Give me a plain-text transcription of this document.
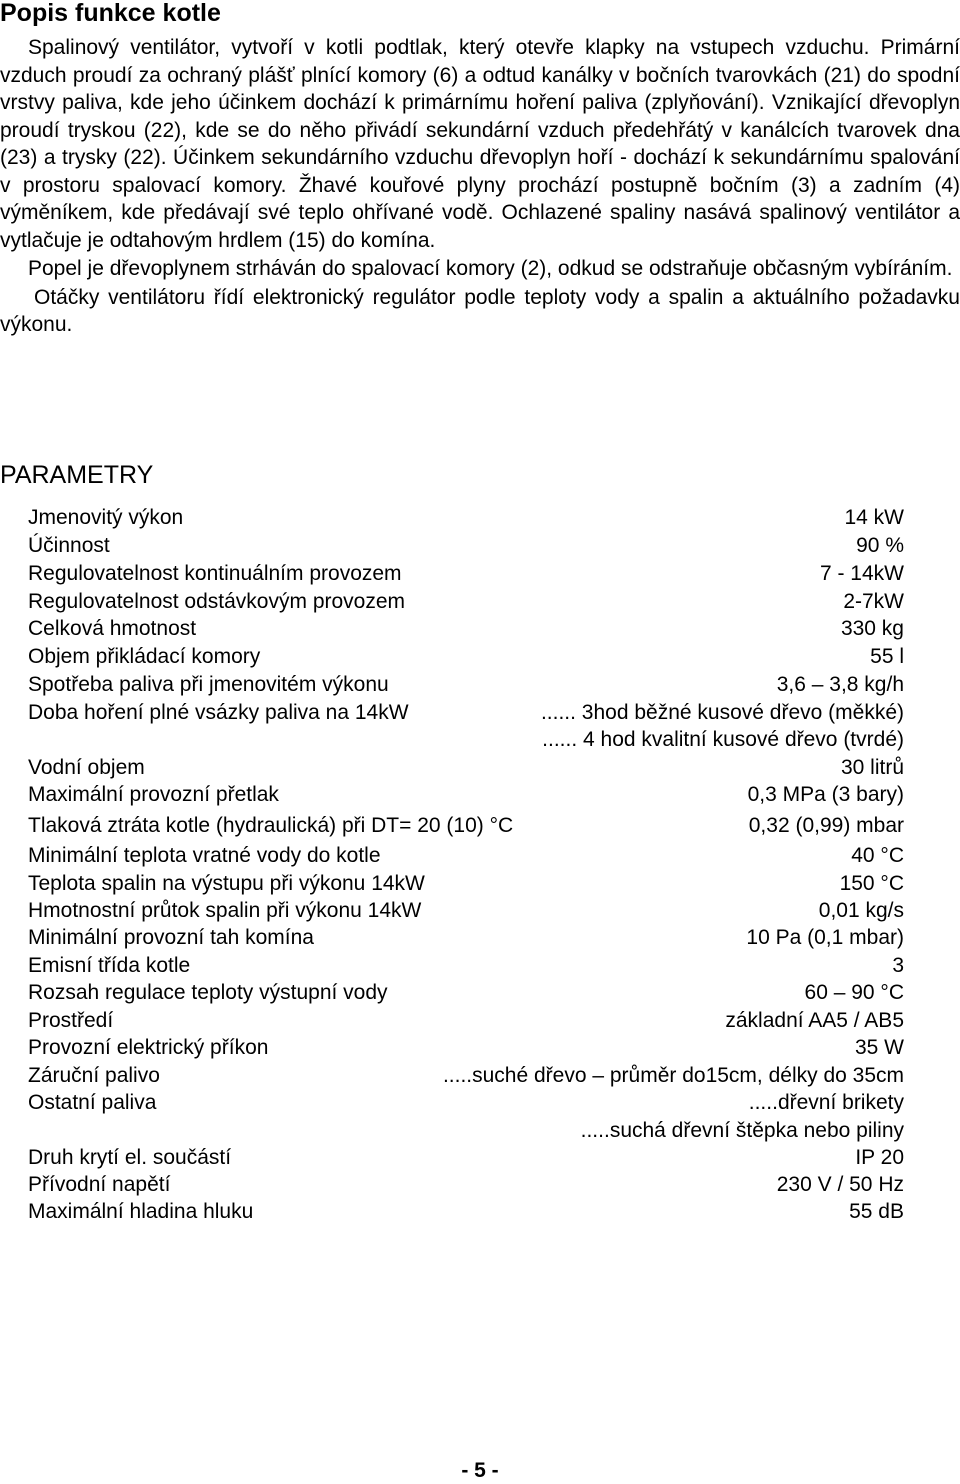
Popis funkce kotle

Spalinový ventilátor, vytvoří v kotli podtlak, který otevře klapky na vstupech vzduchu. Primární vzduch proudí za ochraný plášť plnící komory (6) a odtud kanálky v bočních tvarovkách (21) do spodní vrstvy paliva, kde jeho účinkem dochází k primárnímu hoření paliva (zplyňování). Vznikající dřevoplyn proudí tryskou (22), kde se do něho přivádí sekundární vzduch předehřátý v kanálcích tvarovek dna (23) a trysky (22). Účinkem sekundárního vzduchu dřevoplyn hoří - dochází k sekundárnímu spalování v prostoru spalovací komory. Žhavé kouřové plyny prochází postupně bočním (3) a zadním (4) výměníkem, kde předávají své teplo ohřívané vodě. Ochlazené spaliny nasává spalinový ventilátor a vytlačuje je odtahovým hrdlem (15) do komína.

Popel je dřevoplynem strháván do spalovací komory (2), odkud se odstraňuje občasným vybíráním.

Otáčky ventilátoru řídí elektronický regulátor podle teploty vody a spalin a aktuálního požadavku výkonu.

PARAMETRY
Jmenovitý výkon	14 kW
Účinnost	90 %
Regulovatelnost kontinuálním provozem	7 - 14kW
Regulovatelnost odstávkovým provozem	2-7kW
Celková hmotnost	330 kg
Objem přikládací komory	55 l
Spotřeba paliva při jmenovitém výkonu	3,6 – 3,8 kg/h
Doba hoření plné vsázky paliva na 14kW	...... 3hod běžné kusové dřevo (měkké)
...... 4 hod kvalitní kusové dřevo (tvrdé)
Vodní objem	30 litrů
Maximální provozní přetlak	0,3 MPa (3 bary)
Tlaková ztráta kotle (hydraulická) při DT= 20 (10) °C	0,32 (0,99) mbar
Minimální teplota vratné vody do kotle	40 °C
Teplota spalin na výstupu při výkonu 14kW	150 °C
Hmotnostní průtok spalin při výkonu 14kW	0,01 kg/s
Minimální provozní tah komína	10 Pa (0,1 mbar)
Emisní třída kotle	3
Rozsah regulace teploty výstupní vody	60 – 90 °C
Prostředí	základní AA5 / AB5
Provozní elektrický příkon	35 W
Záruční palivo	.....suché dřevo – průměr do15cm, délky do 35cm
Ostatní paliva	.....dřevní brikety
.....suchá dřevní štěpka nebo piliny
Druh krytí el. součástí	IP 20
Přívodní napětí	230 V / 50 Hz
Maximální hladina hluku	55 dB
- 5 -
